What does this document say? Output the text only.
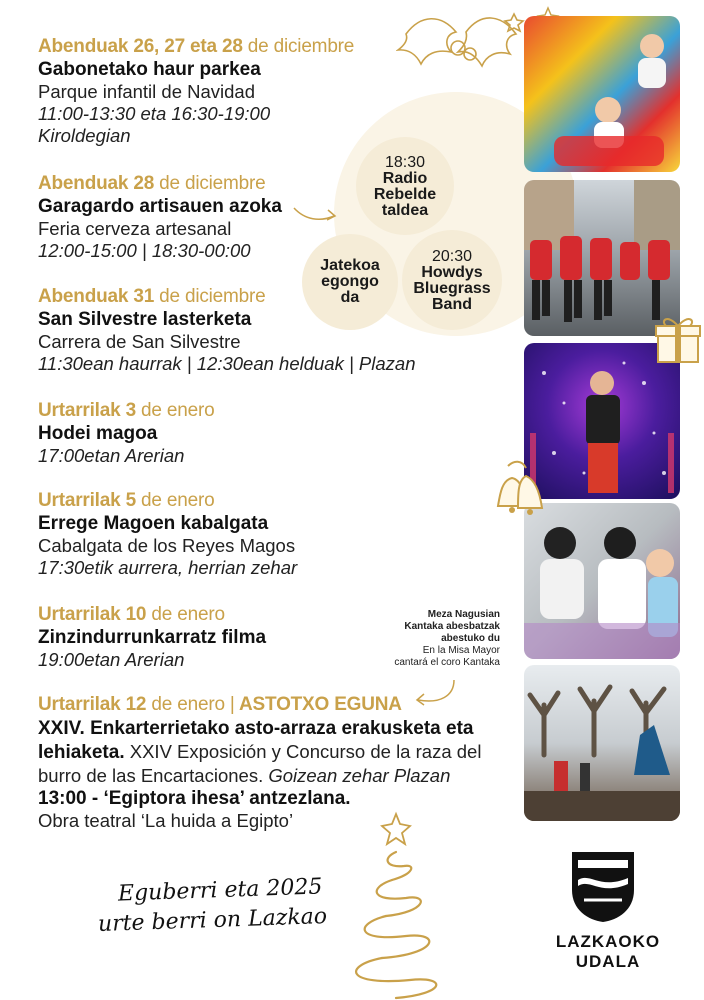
Abenduak 26, 27 eta 28 de diciembre
Gabonetako haur parkea
Parque infantil de Navidad
11:00-13:30 eta 16:30-19:00
Kiroldegian
Abenduak 28 de diciembre
Garagardo artisauen azoka
Feria cerveza artesanal
12:00-15:00 | 18:30-00:00
Abenduak 31 de diciembre
San Silvestre lasterketa
Carrera de San Silvestre
11:30ean haurrak | 12:30ean helduak | Plazan
Urtarrilak 3 de enero
Hodei magoa
17:00etan Arerian
Urtarrilak 5 de enero
Errege Magoen kabalgata
Cabalgata de los Reyes Magos
17:30etik aurrera, herrian zehar
Urtarrilak 10 de enero
Zinzindurrunkarratz filma
19:00etan Arerian
Urtarrilak 12 de enero | ASTOTXO EGUNA
XXIV. Enkarterrietako asto-arraza erakusketa eta lehiaketa. XXIV Exposición y Concurso de la raza del burro de las Encartaciones. Goizean zehar Plazan
13:00 - ‘Egiptora ihesa’ antzezlana.
Obra teatral ‘La huida a Egipto’
18:30
Radio Rebelde taldea
Jatekoa egongo da
20:30
Howdys Bluegrass Band
Meza Nagusian Kantaka abesbatzak abestuko du
En la Misa Mayor cantará el coro Kantaka
Eguberri eta 2025
urte berri on Lazkao
LAZKAOKO
UDALA
